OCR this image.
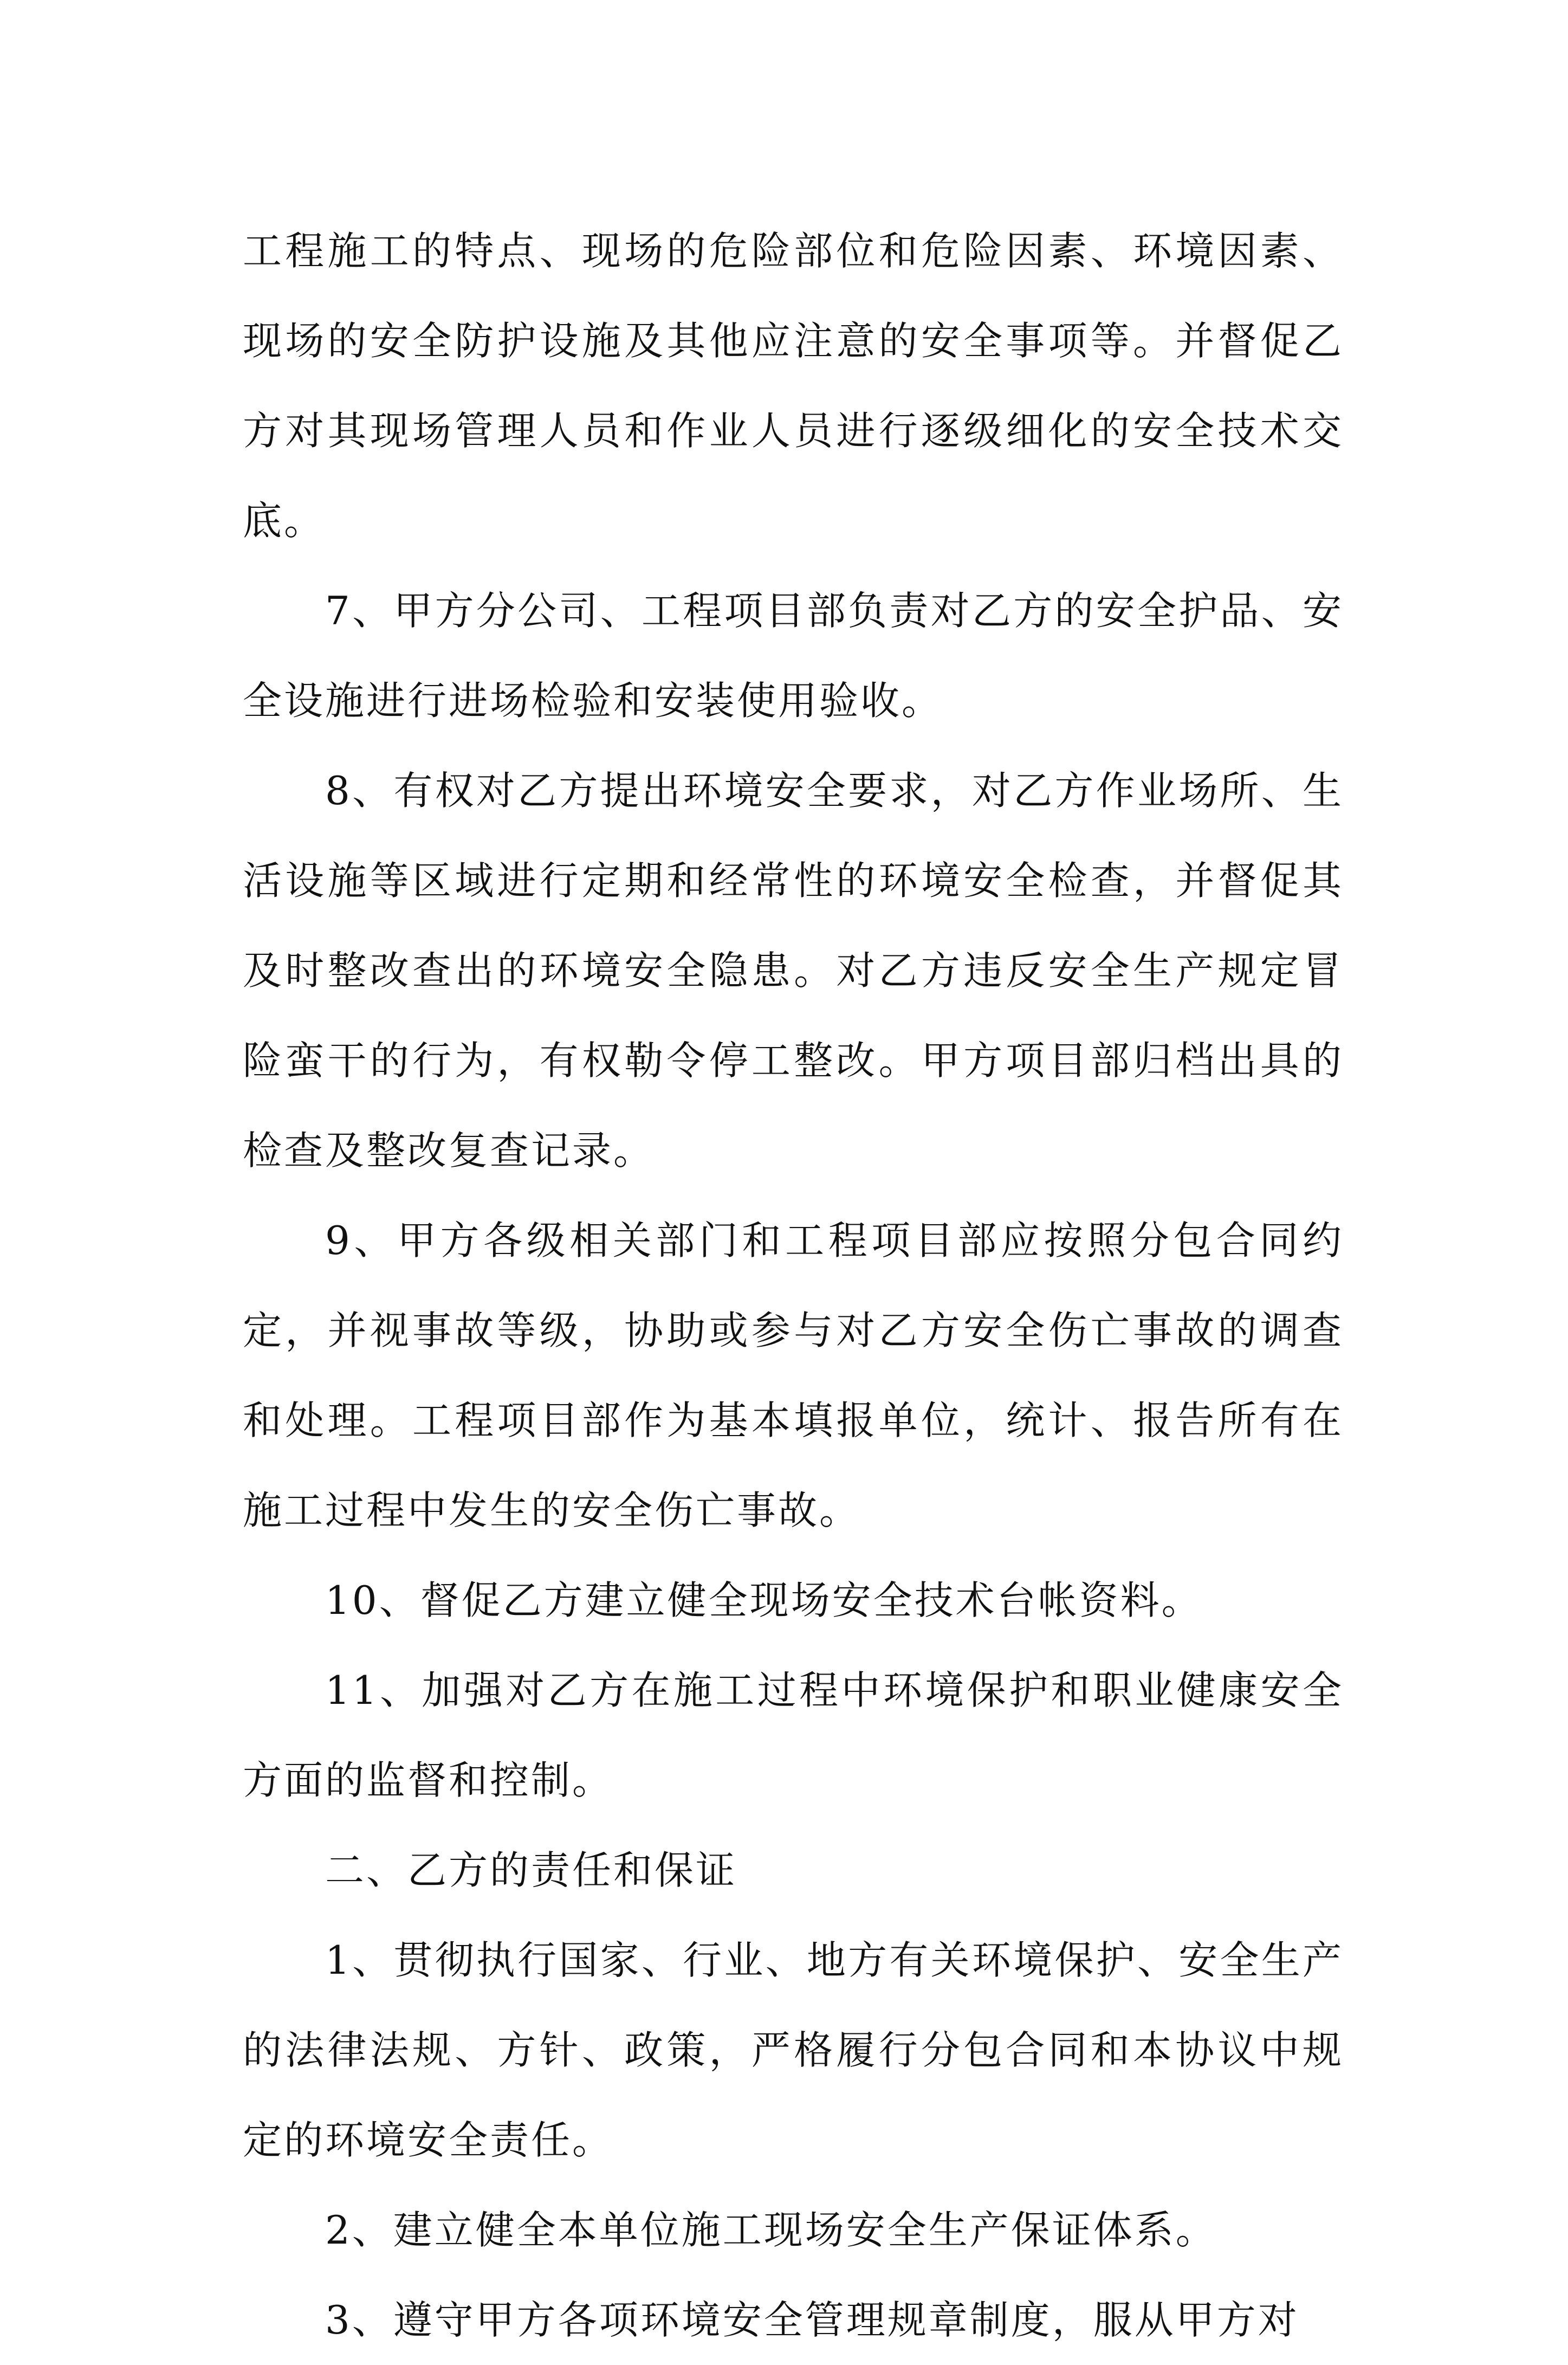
工程施工的特点、现场的危险部位和危险因素、环境因素、现场的安全防护设施及其他应注意的安全事项等。并督促乙方对其现场管理人员和作业人员进行逐级细化的安全技术交底。

7、甲方分公司、工程项目部负责对乙方的安全护品、安全设施进行进场检验和安装使用验收。

8、有权对乙方提出环境安全要求，对乙方作业场所、生活设施等区域进行定期和经常性的环境安全检查，并督促其及时整改查出的环境安全隐患。对乙方违反安全生产规定冒险蛮干的行为，有权勒令停工整改。甲方项目部归档出具的检查及整改复查记录。

9、甲方各级相关部门和工程项目部应按照分包合同约定，并视事故等级，协助或参与对乙方安全伤亡事故的调查和处理。工程项目部作为基本填报单位，统计、报告所有在施工过程中发生的安全伤亡事故。

10、督促乙方建立健全现场安全技术台帐资料。

11、加强对乙方在施工过程中环境保护和职业健康安全方面的监督和控制。

二、乙方的责任和保证

1、贯彻执行国家、行业、地方有关环境保护、安全生产的法律法规、方针、政策，严格履行分包合同和本协议中规定的环境安全责任。

2、建立健全本单位施工现场安全生产保证体系。

3、遵守甲方各项环境安全管理规章制度，服从甲方对
